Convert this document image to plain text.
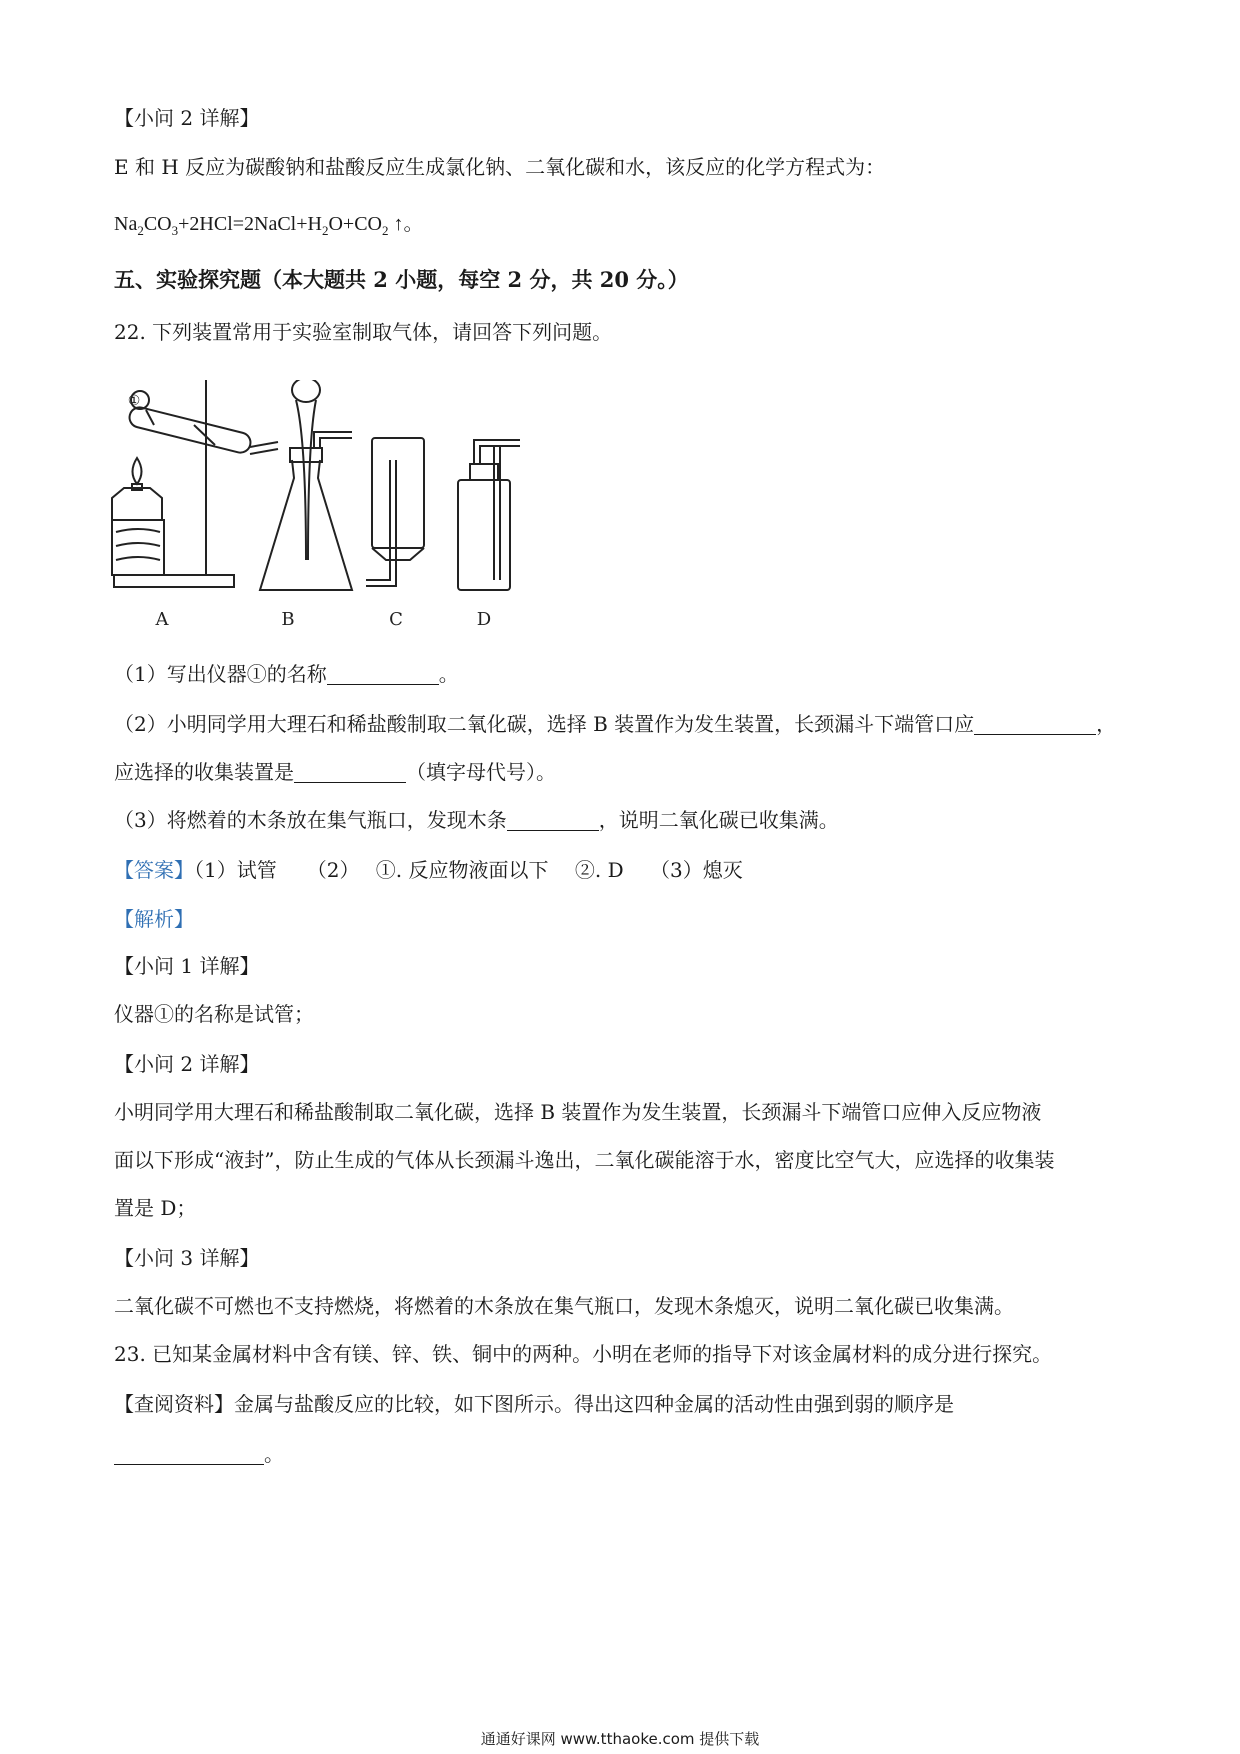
【小问 2 详解】
E 和 H 反应为碳酸钠和盐酸反应生成氯化钠、二氧化碳和水，该反应的化学方程式为：
$Na_2CO_3+2HCl=2NaCl+H_2O+CO_2$ ↑。
五、实验探究题（本大题共 2 小题，每空 2 分，共 20 分。）
22. 下列装置常用于实验室制取气体，请回答下列问题。
①
A	B	C	D
（1）写出仪器①的名称	。
（2）小明同学用大理石和稀盐酸制取二氧化碳，选择 B 装置作为发生装置，长颈漏斗下端管口应	，
应选择的收集装置是	（填字母代号）。
（3）将燃着的木条放在集气瓶口，发现木条	，说明二氧化碳已收集满。
【答案】（1）试管　　（2）　 ①. 反应物液面以下　 ②. D　 （3）熄灭
【解析】
【小问 1 详解】
仪器①的名称是试管；
【小问 2 详解】
小明同学用大理石和稀盐酸制取二氧化碳，选择 B 装置作为发生装置，长颈漏斗下端管口应伸入反应物液
面以下形成“液封”，防止生成的气体从长颈漏斗逸出，二氧化碳能溶于水，密度比空气大，应选择的收集装
置是 D；
【小问 3 详解】
二氧化碳不可燃也不支持燃烧，将燃着的木条放在集气瓶口，发现木条熄灭，说明二氧化碳已收集满。
23. 已知某金属材料中含有镁、锌、铁、铜中的两种。小明在老师的指导下对该金属材料的成分进行探究。
【查阅资料】金属与盐酸反应的比较，如下图所示。得出这四种金属的活动性由强到弱的顺序是
。
通通好课网 www.tthaoke.com 提供下载
